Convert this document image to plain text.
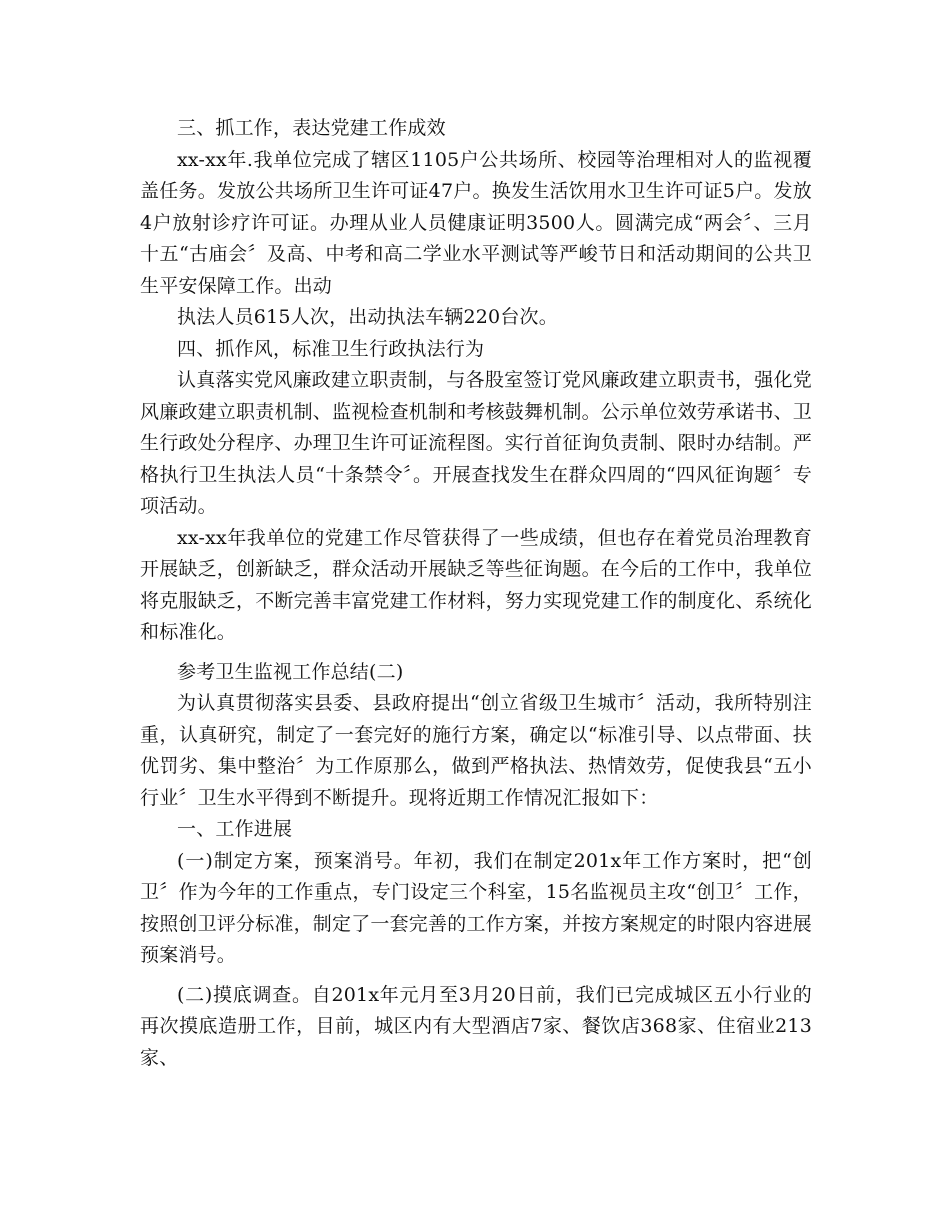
三、抓工作，表达党建工作成效

xx-xx年.我单位完成了辖区1105户公共场所、校园等治理相对人的监视覆盖任务。发放公共场所卫生许可证47户。换发生活饮用水卫生许可证5户。发放4户放射诊疗许可证。办理从业人员健康证明3500人。圆满完成“两会〞、三月十五“古庙会〞及高、中考和高二学业水平测试等严峻节日和活动期间的公共卫生平安保障工作。出动

执法人员615人次，出动执法车辆220台次。

四、抓作风，标准卫生行政执法行为

认真落实党风廉政建立职责制，与各股室签订党风廉政建立职责书，强化党风廉政建立职责机制、监视检查机制和考核鼓舞机制。公示单位效劳承诺书、卫生行政处分程序、办理卫生许可证流程图。实行首征询负责制、限时办结制。严格执行卫生执法人员“十条禁令〞。开展查找发生在群众四周的“四风征询题〞专项活动。

xx-xx年我单位的党建工作尽管获得了一些成绩，但也存在着党员治理教育开展缺乏，创新缺乏，群众活动开展缺乏等些征询题。在今后的工作中，我单位将克服缺乏，不断完善丰富党建工作材料，努力实现党建工作的制度化、系统化和标准化。

参考卫生监视工作总结(二)

为认真贯彻落实县委、县政府提出“创立省级卫生城市〞活动，我所特别注重，认真研究，制定了一套完好的施行方案，确定以“标准引导、以点带面、扶优罚劣、集中整治〞为工作原那么，做到严格执法、热情效劳，促使我县“五小行业〞卫生水平得到不断提升。现将近期工作情况汇报如下：

一、工作进展

(一)制定方案，预案消号。年初，我们在制定201x年工作方案时，把“创卫〞作为今年的工作重点，专门设定三个科室，15名监视员主攻“创卫〞工作，按照创卫评分标准，制定了一套完善的工作方案，并按方案规定的时限内容进展预案消号。

(二)摸底调查。自201x年元月至3月20日前，我们已完成城区五小行业的再次摸底造册工作，目前，城区内有大型酒店7家、餐饮店368家、住宿业213家、
